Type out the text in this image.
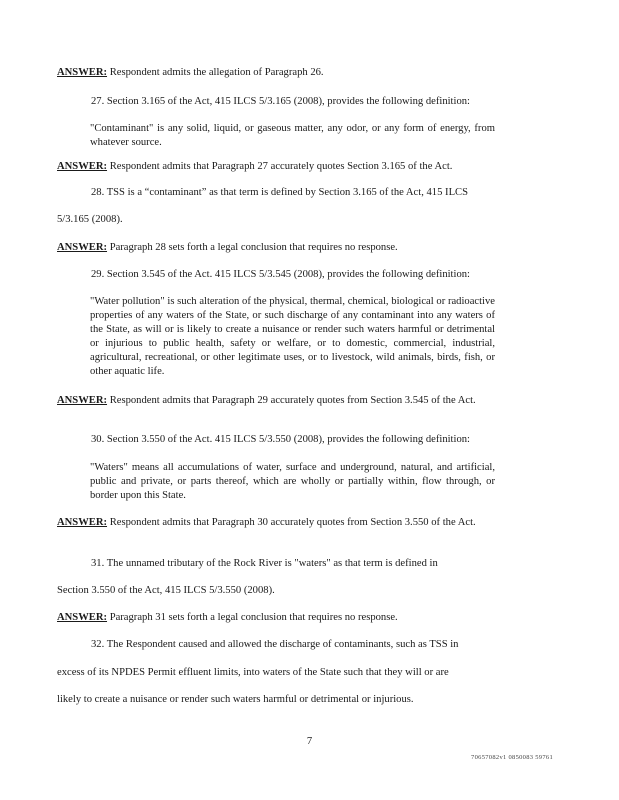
ANSWER: Respondent admits the allegation of Paragraph 26.

27. Section 3.165 of the Act, 415 ILCS 5/3.165 (2008), provides the following definition:

"Contaminant" is any solid, liquid, or gaseous matter, any odor, or any form of energy, from whatever source.

ANSWER: Respondent admits that Paragraph 27 accurately quotes Section 3.165 of the Act.

28. TSS is a “contaminant” as that term is defined by Section 3.165 of the Act, 415 ILCS

5/3.165 (2008).

ANSWER: Paragraph 28 sets forth a legal conclusion that requires no response.

29. Section 3.545 of the Act. 415 ILCS 5/3.545 (2008), provides the following definition:

"Water pollution" is such alteration of the physical, thermal, chemical, biological or radioactive properties of any waters of the State, or such discharge of any contaminant into any waters of the State, as will or is likely to create a nuisance or render such waters harmful or detrimental or injurious to public health, safety or welfare, or to domestic, commercial, industrial, agricultural, recreational, or other legitimate uses, or to livestock, wild animals, birds, fish, or other aquatic life.

ANSWER: Respondent admits that Paragraph 29 accurately quotes from Section 3.545 of the Act.

30. Section 3.550 of the Act. 415 ILCS 5/3.550 (2008), provides the following definition:

"Waters" means all accumulations of water, surface and underground, natural, and artificial, public and private, or parts thereof, which are wholly or partially within, flow through, or border upon this State.

ANSWER: Respondent admits that Paragraph 30 accurately quotes from Section 3.550 of the Act.

31. The unnamed tributary of the Rock River is "waters" as that term is defined in

Section 3.550 of the Act, 415 ILCS 5/3.550 (2008).

ANSWER: Paragraph 31 sets forth a legal conclusion that requires no response.

32. The Respondent caused and allowed the discharge of contaminants, such as TSS in

excess of its NPDES Permit effluent limits, into waters of the State such that they will or are

likely to create a nuisance or render such waters harmful or detrimental or injurious.

7
70657082v1 0850083 59761
